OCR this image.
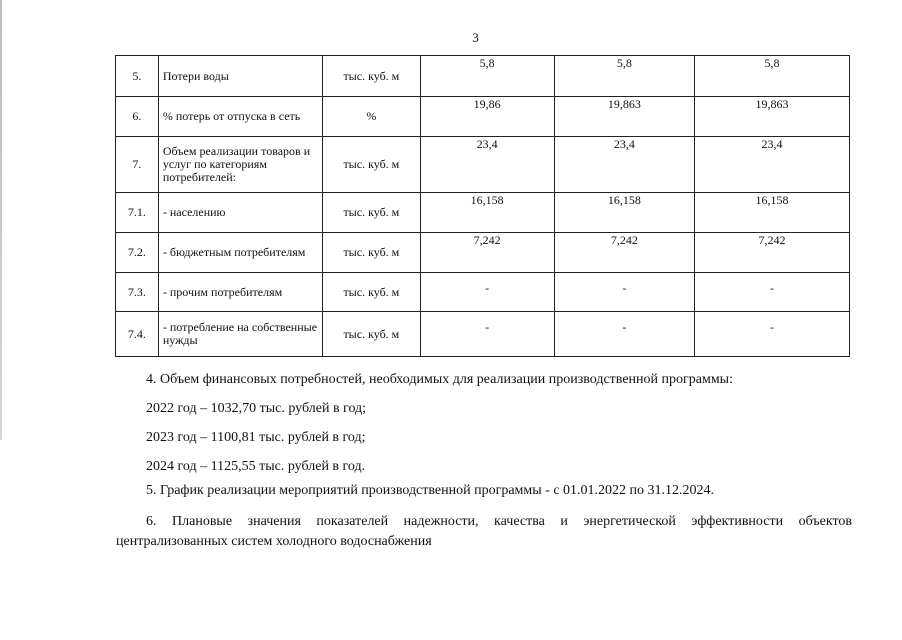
3
5.	Потери воды	тыс. куб. м	5,8	5,8	5,8
6.	% потерь от отпуска в сеть	%	19,86	19,863	19,863
7.	Объем реализации товаров и услуг по категориям потребителей:	тыс. куб. м	23,4	23,4	23,4
7.1.	- населению	тыс. куб. м	16,158	16,158	16,158
7.2.	- бюджетным потребителям	тыс. куб. м	7,242	7,242	7,242
7.3.	- прочим потребителям	тыс. куб. м	-	-	-
7.4.	- потребление на собственные нужды	тыс. куб. м	-	-	-
4. Объем финансовых потребностей, необходимых для реализации производственной программы:
2022 год – 1032,70 тыс. рублей в год;
2023 год – 1100,81 тыс. рублей в год;
2024 год – 1125,55 тыс. рублей в год.
5. График реализации мероприятий производственной программы - с 01.01.2022 по 31.12.2024.
6. Плановые значения показателей надежности, качества и энергетической эффективности объектов
централизованных систем холодного водоснабжения
